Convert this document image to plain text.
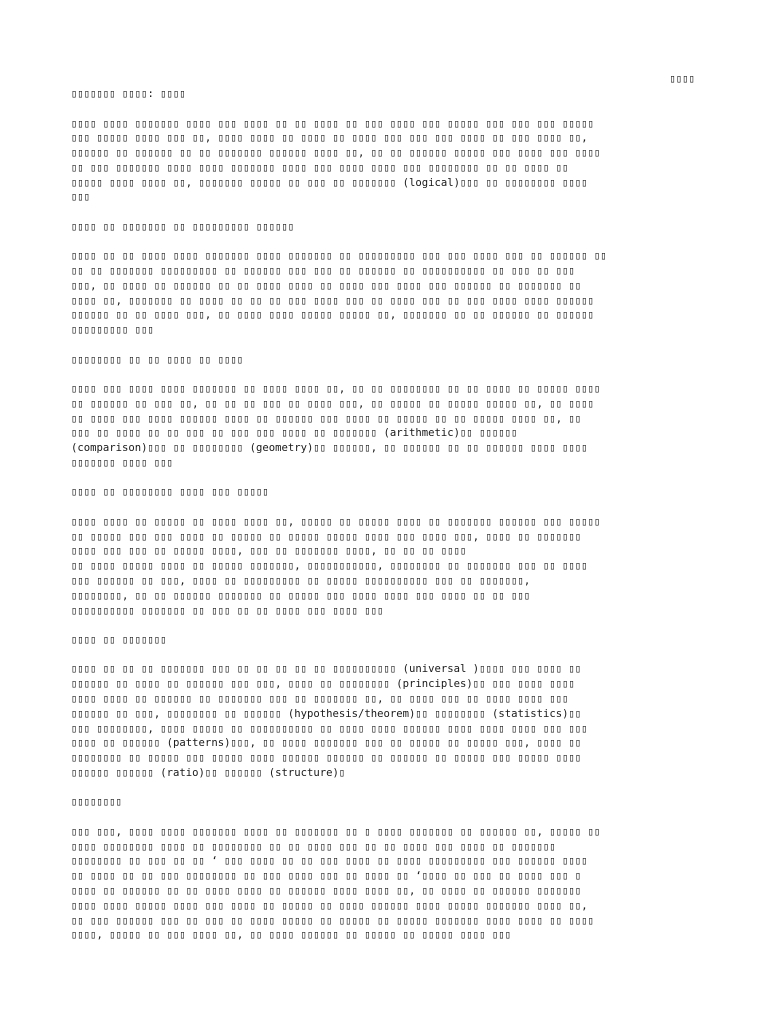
▯▯▯▯
▯▯▯▯▯▯▯ ▯▯▯▯: ▯▯▯▯

▯▯▯▯ ▯▯▯▯ ▯▯▯▯▯▯▯ ▯▯▯▯ ▯▯▯ ▯▯▯▯ ▯▯ ▯▯ ▯▯▯▯ ▯▯ ▯▯▯ ▯▯▯▯ ▯▯▯ ▯▯▯▯▯ ▯▯▯ ▯▯▯ ▯▯▯ ▯▯▯▯▯
▯▯▯ ▯▯▯▯▯ ▯▯▯▯ ▯▯▯ ▯▯, ▯▯▯▯ ▯▯▯▯ ▯▯ ▯▯▯▯ ▯▯ ▯▯▯▯ ▯▯▯ ▯▯▯ ▯▯▯ ▯▯▯▯ ▯▯ ▯▯▯ ▯▯▯▯ ▯▯,
▯▯▯▯▯▯ ▯▯ ▯▯▯▯▯▯ ▯▯ ▯▯ ▯▯▯▯▯▯▯ ▯▯▯▯▯▯ ▯▯▯▯ ▯▯, ▯▯ ▯▯ ▯▯▯▯▯▯ ▯▯▯▯▯ ▯▯▯ ▯▯▯▯ ▯▯▯ ▯▯▯▯
▯▯ ▯▯▯ ▯▯▯▯▯▯▯ ▯▯▯▯ ▯▯▯▯ ▯▯▯▯▯▯▯ ▯▯▯▯ ▯▯▯ ▯▯▯▯ ▯▯▯▯ ▯▯▯ ▯▯▯▯▯▯▯▯ ▯▯ ▯▯ ▯▯▯▯ ▯▯
▯▯▯▯▯ ▯▯▯▯ ▯▯▯▯ ▯▯, ▯▯▯▯▯▯▯ ▯▯▯▯▯ ▯▯ ▯▯▯ ▯▯ ▯▯▯▯▯▯▯ (logical)▯▯▯ ▯▯ ▯▯▯▯▯▯▯▯ ▯▯▯▯
▯▯▯

▯▯▯▯ ▯▯ ▯▯▯▯▯▯▯ ▯▯ ▯▯▯▯▯▯▯▯▯ ▯▯▯▯▯▯

▯▯▯▯ ▯▯ ▯▯ ▯▯▯▯ ▯▯▯▯ ▯▯▯▯▯▯▯ ▯▯▯▯ ▯▯▯▯▯▯▯ ▯▯ ▯▯▯▯▯▯▯▯▯ ▯▯▯ ▯▯▯ ▯▯▯▯ ▯▯▯ ▯▯ ▯▯▯▯▯▯ ▯▯
▯▯ ▯▯ ▯▯▯▯▯▯▯ ▯▯▯▯▯▯▯▯▯ ▯▯ ▯▯▯▯▯▯ ▯▯▯ ▯▯▯ ▯▯ ▯▯▯▯▯▯ ▯▯ ▯▯▯▯▯▯▯▯▯▯ ▯▯ ▯▯▯ ▯▯ ▯▯▯
▯▯▯, ▯▯ ▯▯▯▯ ▯▯ ▯▯▯▯▯▯ ▯▯ ▯▯ ▯▯▯▯ ▯▯▯▯ ▯▯ ▯▯▯▯ ▯▯▯ ▯▯▯▯ ▯▯▯ ▯▯▯▯▯▯ ▯▯ ▯▯▯▯▯▯▯ ▯▯
▯▯▯▯ ▯▯, ▯▯▯▯▯▯▯ ▯▯ ▯▯▯▯ ▯▯ ▯▯ ▯▯ ▯▯▯ ▯▯▯▯ ▯▯▯ ▯▯ ▯▯▯▯ ▯▯▯ ▯▯ ▯▯▯ ▯▯▯▯ ▯▯▯▯ ▯▯▯▯▯▯
▯▯▯▯▯▯ ▯▯ ▯▯ ▯▯▯▯ ▯▯▯, ▯▯ ▯▯▯▯ ▯▯▯▯ ▯▯▯▯▯ ▯▯▯▯▯ ▯▯, ▯▯▯▯▯▯▯ ▯▯ ▯▯ ▯▯▯▯▯▯ ▯▯ ▯▯▯▯▯▯
▯▯▯▯▯▯▯▯▯ ▯▯▯

▯▯▯▯▯▯▯▯ ▯▯ ▯▯ ▯▯▯▯ ▯▯ ▯▯▯▯

▯▯▯▯ ▯▯▯ ▯▯▯▯ ▯▯▯▯ ▯▯▯▯▯▯▯ ▯▯ ▯▯▯▯ ▯▯▯▯ ▯▯, ▯▯ ▯▯ ▯▯▯▯▯▯▯▯ ▯▯ ▯▯ ▯▯▯▯ ▯▯ ▯▯▯▯▯ ▯▯▯▯
▯▯ ▯▯▯▯▯▯ ▯▯ ▯▯▯ ▯▯, ▯▯ ▯▯ ▯▯ ▯▯▯ ▯▯ ▯▯▯▯ ▯▯▯, ▯▯ ▯▯▯▯▯ ▯▯ ▯▯▯▯▯ ▯▯▯▯▯ ▯▯, ▯▯ ▯▯▯▯
▯▯ ▯▯▯▯ ▯▯▯ ▯▯▯▯ ▯▯▯▯▯▯ ▯▯▯▯ ▯▯ ▯▯▯▯▯▯ ▯▯▯ ▯▯▯▯ ▯▯ ▯▯▯▯▯ ▯▯ ▯▯ ▯▯▯▯▯ ▯▯▯▯ ▯▯, ▯▯
▯▯▯ ▯▯ ▯▯▯▯ ▯▯ ▯▯ ▯▯▯ ▯▯ ▯▯▯ ▯▯▯ ▯▯▯▯ ▯▯ ▯▯▯▯▯▯▯ (arithmetic)▯▯ ▯▯▯▯▯▯
(comparison)▯▯▯ ▯▯ ▯▯▯▯▯▯▯▯ (geometry)▯▯ ▯▯▯▯▯▯, ▯▯ ▯▯▯▯▯▯ ▯▯ ▯▯ ▯▯▯▯▯▯ ▯▯▯▯ ▯▯▯▯
▯▯▯▯▯▯▯ ▯▯▯▯ ▯▯▯

▯▯▯▯ ▯▯ ▯▯▯▯▯▯▯▯ ▯▯▯▯ ▯▯▯ ▯▯▯▯▯

▯▯▯▯ ▯▯▯▯ ▯▯ ▯▯▯▯▯ ▯▯ ▯▯▯▯ ▯▯▯▯ ▯▯, ▯▯▯▯▯ ▯▯ ▯▯▯▯▯ ▯▯▯▯ ▯▯ ▯▯▯▯▯▯▯ ▯▯▯▯▯▯ ▯▯▯ ▯▯▯▯▯
▯▯ ▯▯▯▯▯ ▯▯▯ ▯▯▯ ▯▯▯▯ ▯▯ ▯▯▯▯▯ ▯▯ ▯▯▯▯▯ ▯▯▯▯▯ ▯▯▯▯ ▯▯▯ ▯▯▯▯ ▯▯▯, ▯▯▯▯ ▯▯ ▯▯▯▯▯▯▯
▯▯▯▯ ▯▯▯ ▯▯▯ ▯▯ ▯▯▯▯▯ ▯▯▯▯, ▯▯▯ ▯▯ ▯▯▯▯▯▯▯ ▯▯▯▯, ▯▯ ▯▯ ▯▯ ▯▯▯▯
▯▯ ▯▯▯▯ ▯▯▯▯▯ ▯▯▯▯ ▯▯ ▯▯▯▯▯ ▯▯▯▯▯▯▯, ▯▯▯▯▯▯▯▯▯▯▯, ▯▯▯▯▯▯▯▯ ▯▯ ▯▯▯▯▯▯▯ ▯▯▯ ▯▯ ▯▯▯▯
▯▯▯ ▯▯▯▯▯▯ ▯▯ ▯▯▯, ▯▯▯▯ ▯▯ ▯▯▯▯▯▯▯▯▯ ▯▯ ▯▯▯▯▯ ▯▯▯▯▯▯▯▯▯▯ ▯▯▯ ▯▯ ▯▯▯▯▯▯▯,
▯▯▯▯▯▯▯▯, ▯▯ ▯▯ ▯▯▯▯▯▯ ▯▯▯▯▯▯▯ ▯▯ ▯▯▯▯▯ ▯▯▯ ▯▯▯▯ ▯▯▯▯ ▯▯▯ ▯▯▯▯ ▯▯ ▯▯ ▯▯▯
▯▯▯▯▯▯▯▯▯▯ ▯▯▯▯▯▯▯ ▯▯ ▯▯▯ ▯▯ ▯▯ ▯▯▯▯ ▯▯▯ ▯▯▯▯ ▯▯▯

▯▯▯▯ ▯▯ ▯▯▯▯▯▯▯

▯▯▯▯ ▯▯ ▯▯ ▯▯ ▯▯▯▯▯▯▯ ▯▯▯ ▯▯ ▯▯ ▯▯ ▯▯ ▯▯ ▯▯▯▯▯▯▯▯▯▯ (universal )▯▯▯▯ ▯▯▯ ▯▯▯▯ ▯▯
▯▯▯▯▯▯ ▯▯ ▯▯▯▯ ▯▯ ▯▯▯▯▯▯ ▯▯▯ ▯▯▯, ▯▯▯▯ ▯▯ ▯▯▯▯▯▯▯▯ (principles)▯▯ ▯▯▯ ▯▯▯▯ ▯▯▯▯
▯▯▯▯ ▯▯▯▯ ▯▯ ▯▯▯▯▯▯ ▯▯ ▯▯▯▯▯▯▯ ▯▯▯ ▯▯ ▯▯▯▯▯▯▯ ▯▯, ▯▯ ▯▯▯▯ ▯▯▯ ▯▯ ▯▯▯▯ ▯▯▯▯ ▯▯▯
▯▯▯▯▯▯ ▯▯ ▯▯▯, ▯▯▯▯▯▯▯▯ ▯▯ ▯▯▯▯▯▯ (hypothesis/theorem)▯▯ ▯▯▯▯▯▯▯▯ (statistics)▯▯
▯▯▯ ▯▯▯▯▯▯▯▯, ▯▯▯▯ ▯▯▯▯▯ ▯▯ ▯▯▯▯▯▯▯▯▯▯ ▯▯ ▯▯▯▯ ▯▯▯▯ ▯▯▯▯▯▯ ▯▯▯▯ ▯▯▯▯ ▯▯▯▯ ▯▯▯ ▯▯▯
▯▯▯▯ ▯▯ ▯▯▯▯▯▯ (patterns)▯▯▯, ▯▯ ▯▯▯▯ ▯▯▯▯▯▯▯ ▯▯▯ ▯▯ ▯▯▯▯▯ ▯▯ ▯▯▯▯▯ ▯▯▯, ▯▯▯▯ ▯▯
▯▯▯▯▯▯▯▯ ▯▯ ▯▯▯▯▯ ▯▯▯ ▯▯▯▯▯ ▯▯▯▯ ▯▯▯▯▯▯ ▯▯▯▯▯▯ ▯▯ ▯▯▯▯▯▯ ▯▯ ▯▯▯▯▯ ▯▯▯ ▯▯▯▯▯ ▯▯▯▯
▯▯▯▯▯▯ ▯▯▯▯▯▯ (ratio)▯▯ ▯▯▯▯▯▯ (structure)▯

▯▯▯▯▯▯▯▯

▯▯▯ ▯▯▯, ▯▯▯▯ ▯▯▯▯ ▯▯▯▯▯▯▯ ▯▯▯▯ ▯▯ ▯▯▯▯▯▯▯ ▯▯ ▯ ▯▯▯▯ ▯▯▯▯▯▯▯ ▯▯ ▯▯▯▯▯▯ ▯▯, ▯▯▯▯▯ ▯▯
▯▯▯▯ ▯▯▯▯▯▯▯▯ ▯▯▯▯ ▯▯ ▯▯▯▯▯▯▯▯ ▯▯ ▯▯ ▯▯▯▯ ▯▯▯ ▯▯ ▯▯ ▯▯▯▯ ▯▯▯ ▯▯▯▯ ▯▯ ▯▯▯▯▯▯▯
▯▯▯▯▯▯▯▯ ▯▯ ▯▯▯ ▯▯ ▯▯ ‘ ▯▯▯ ▯▯▯▯ ▯▯ ▯▯ ▯▯▯ ▯▯▯▯ ▯▯ ▯▯▯▯ ▯▯▯▯▯▯▯▯▯ ▯▯▯ ▯▯▯▯▯▯ ▯▯▯▯
▯▯ ▯▯▯▯ ▯▯ ▯▯ ▯▯▯ ▯▯▯▯▯▯▯▯ ▯▯ ▯▯▯ ▯▯▯▯ ▯▯▯ ▯▯ ▯▯▯▯ ▯▯ ‘▯▯▯▯ ▯▯ ▯▯▯ ▯▯ ▯▯▯▯ ▯▯▯ ▯
▯▯▯▯ ▯▯ ▯▯▯▯▯▯ ▯▯ ▯▯ ▯▯▯▯ ▯▯▯▯ ▯▯ ▯▯▯▯▯▯ ▯▯▯▯ ▯▯▯▯ ▯▯, ▯▯ ▯▯▯▯ ▯▯ ▯▯▯▯▯▯ ▯▯▯▯▯▯▯
▯▯▯▯ ▯▯▯▯ ▯▯▯▯▯ ▯▯▯▯ ▯▯▯ ▯▯▯▯ ▯▯ ▯▯▯▯▯ ▯▯ ▯▯▯▯ ▯▯▯▯▯▯ ▯▯▯▯ ▯▯▯▯▯ ▯▯▯▯▯▯▯ ▯▯▯▯ ▯▯,
▯▯ ▯▯▯ ▯▯▯▯▯▯ ▯▯▯ ▯▯ ▯▯▯ ▯▯ ▯▯▯▯ ▯▯▯▯▯ ▯▯ ▯▯▯▯▯ ▯▯ ▯▯▯▯▯ ▯▯▯▯▯▯▯ ▯▯▯▯ ▯▯▯▯ ▯▯ ▯▯▯▯
▯▯▯▯, ▯▯▯▯▯ ▯▯ ▯▯▯ ▯▯▯▯ ▯▯, ▯▯ ▯▯▯▯ ▯▯▯▯▯▯ ▯▯ ▯▯▯▯▯ ▯▯ ▯▯▯▯▯ ▯▯▯▯ ▯▯▯
